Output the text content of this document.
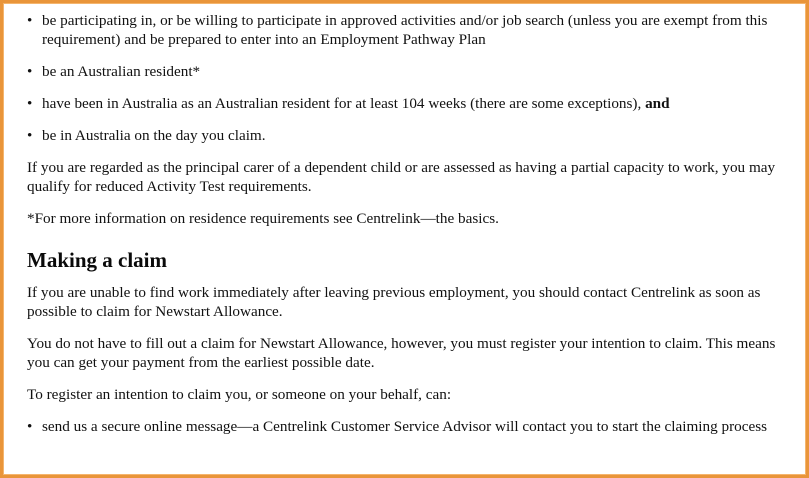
• be participating in, or be willing to participate in approved activities and/or job search (unless you are exempt from this requirement) and be prepared to enter into an Employment Pathway Plan
• be an Australian resident*
• have been in Australia as an Australian resident for at least 104 weeks (there are some exceptions), and
• be in Australia on the day you claim.

If you are regarded as the principal carer of a dependent child or are assessed as having a partial capacity to work, you may qualify for reduced Activity Test requirements.

*For more information on residence requirements see Centrelink—the basics.

Making a claim

If you are unable to find work immediately after leaving previous employment, you should contact Centrelink as soon as possible to claim for Newstart Allowance.

You do not have to fill out a claim for Newstart Allowance, however, you must register your intention to claim. This means you can get your payment from the earliest possible date.

To register an intention to claim you, or someone on your behalf, can:

• send us a secure online message—a Centrelink Customer Service Advisor will contact you to start the claiming process
